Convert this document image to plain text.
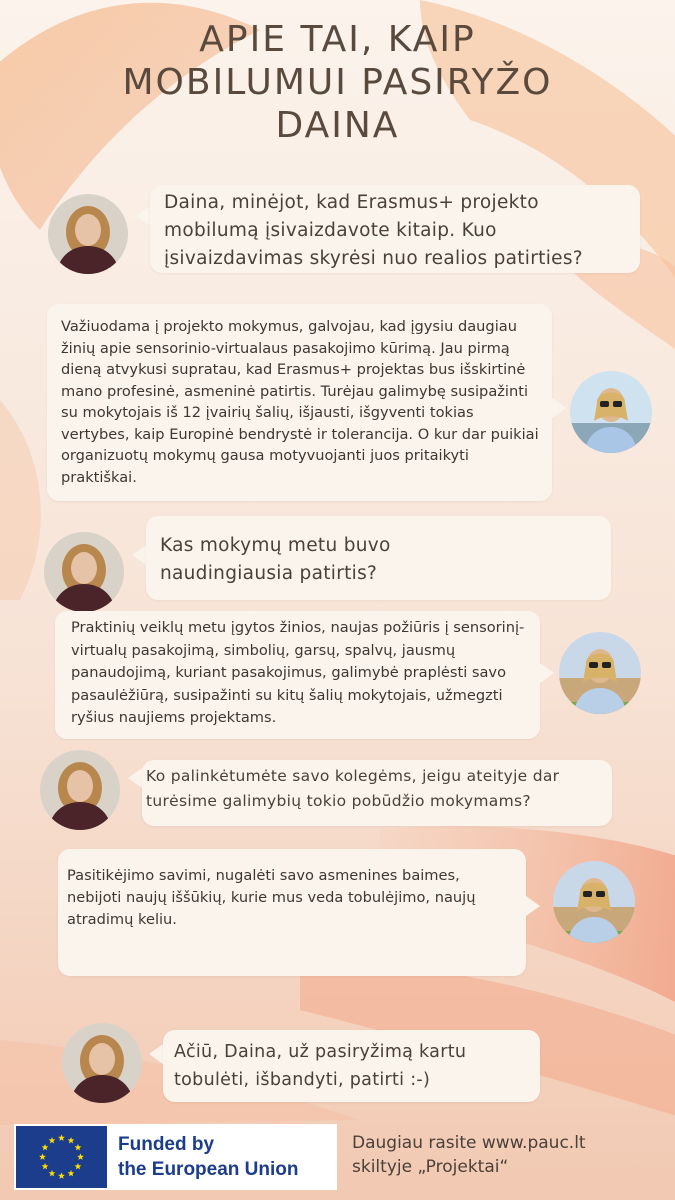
APIE TAI, KAIP
MOBILUMUI PASIRYŽO
DAINA

Daina, minėjot, kad Erasmus+ projekto mobilumą įsivaizdavote kitaip. Kuo įsivaizdavimas skyrėsi nuo realios patirties?

Važiuodama į projekto mokymus, galvojau, kad įgysiu daugiau žinių apie sensorinio-virtualaus pasakojimo kūrimą. Jau pirmą dieną atvykusi supratau, kad Erasmus+ projektas bus išskirtinė mano profesinė, asmeninė patirtis. Turėjau galimybę susipažinti su mokytojais iš 12 įvairių šalių, išjausti, išgyventi tokias vertybes, kaip Europinė bendrystė ir tolerancija. O kur dar puikiai organizuotų mokymų gausa motyvuojanti juos pritaikyti praktiškai.

Kas mokymų metu buvo naudingiausia patirtis?

Praktinių veiklų metu įgytos žinios, naujas požiūris į sensorinį-virtualų pasakojimą, simbolių, garsų, spalvų, jausmų panaudojimą, kuriant pasakojimus, galimybė praplėsti savo pasaulėžiūrą, susipažinti su kitų šalių mokytojais, užmegzti ryšius naujiems projektams.

Ko palinkėtumėte savo kolegėms, jeigu ateityje dar turėsime galimybių tokio pobūdžio mokymams?

Pasitikėjimo savimi, nugalėti savo asmenines baimes, nebijoti naujų iššūkių, kurie mus veda tobulėjimo, naujų atradimų keliu.

Ačiū, Daina, už pasiryžimą kartu tobulėti, išbandyti, patirti :-)

Funded by
the European Union
Daugiau rasite www.pauc.lt
skiltyje „Projektai“
